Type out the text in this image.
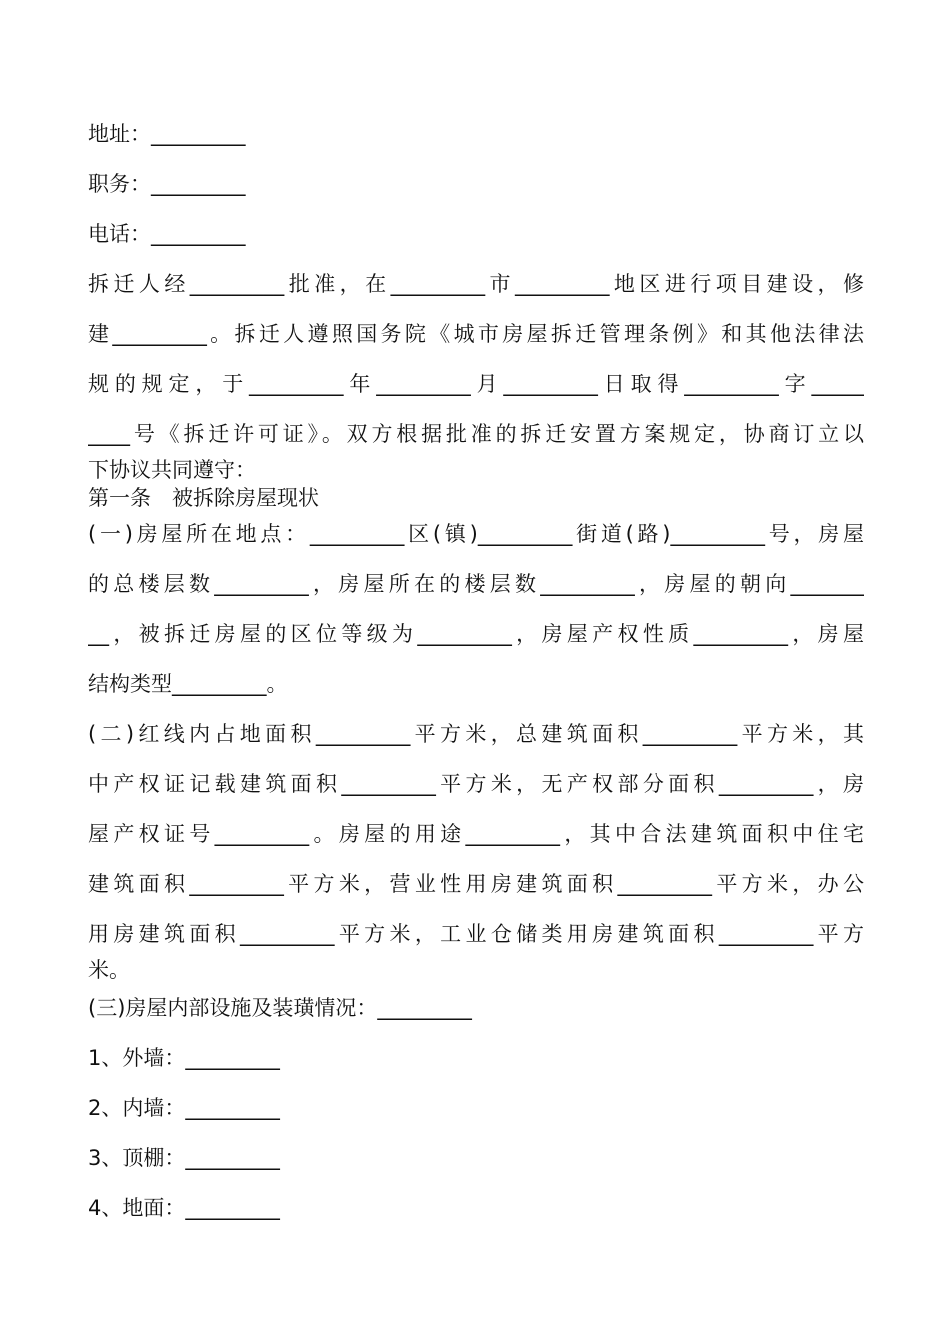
地址：_________

职务：_________

电话：_________

拆迁人经_________批准，在_________市_________地区进行项目建设，修

建_________。拆迁人遵照国务院《城市房屋拆迁管理条例》和其他法律法

规的规定，于_________年_________月_________日取得_________字_____

____号《拆迁许可证》。双方根据批准的拆迁安置方案规定，协商订立以

下协议共同遵守：

第一条　被拆除房屋现状

(一)房屋所在地点：_________区(镇)_________街道(路)_________号，房屋

的总楼层数_________，房屋所在的楼层数_________，房屋的朝向_______

__，被拆迁房屋的区位等级为_________，房屋产权性质_________，房屋

结构类型_________。

(二)红线内占地面积_________平方米，总建筑面积_________平方米，其

中产权证记载建筑面积_________平方米，无产权部分面积_________，房

屋产权证号_________。房屋的用途_________，其中合法建筑面积中住宅

建筑面积_________平方米，营业性用房建筑面积_________平方米，办公

用房建筑面积_________平方米，工业仓储类用房建筑面积_________平方

米。

(三)房屋内部设施及装璜情况：_________

1、外墙：_________

2、内墙：_________

3、顶棚：_________

4、地面：_________
